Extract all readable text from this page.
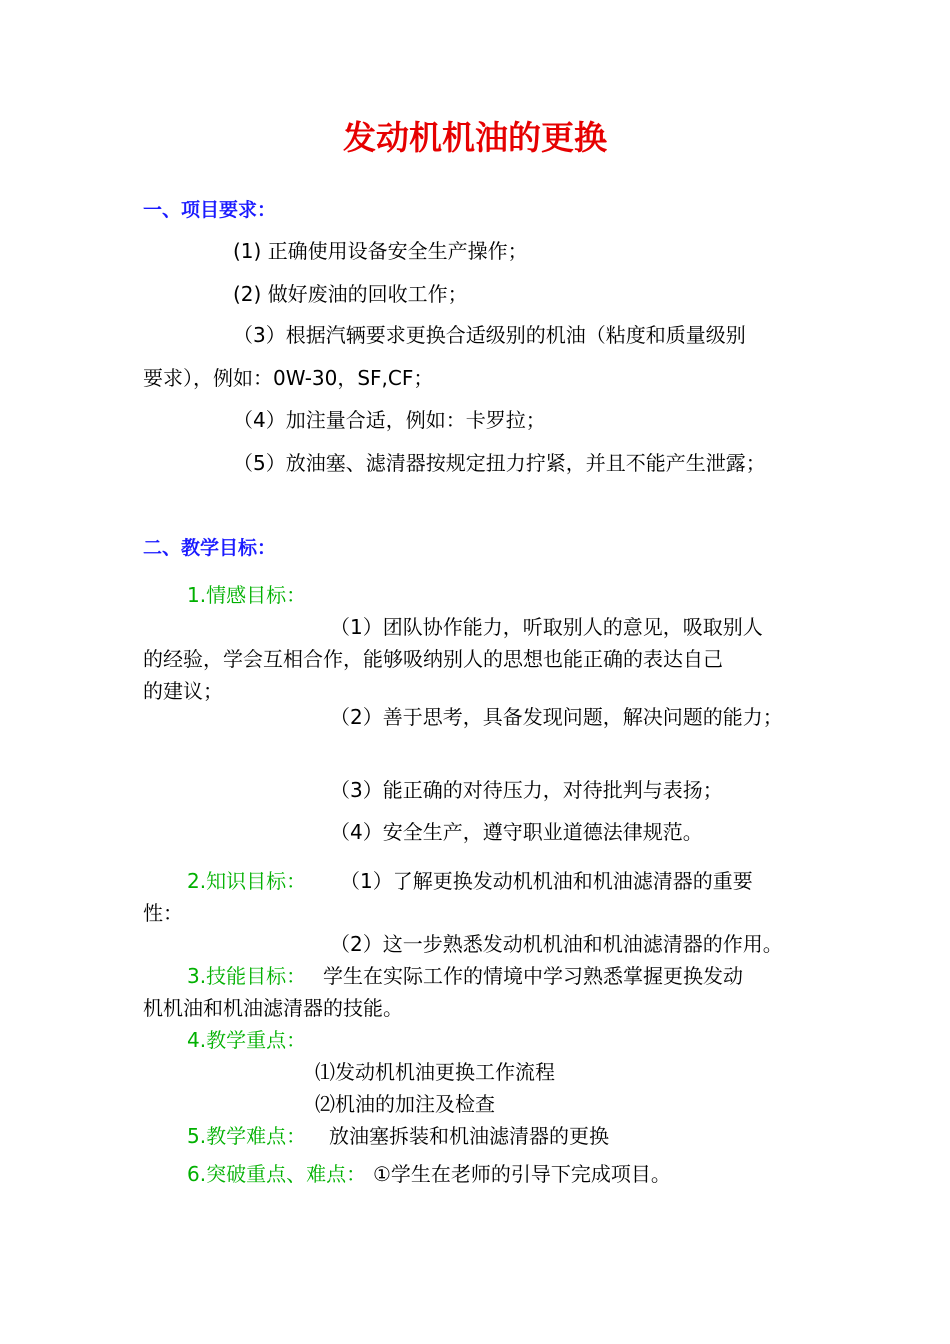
发动机机油的更换
一、项目要求：
(1) 正确使用设备安全生产操作；
(2) 做好废油的回收工作；
（3）根据汽辆要求更换合适级别的机油（粘度和质量级别
要求），例如：0W-30，SF,CF；
（4）加注量合适，例如：卡罗拉；
（5）放油塞、滤清器按规定扭力拧紧，并且不能产生泄露；
二、教学目标：
1.情感目标：
（1）团队协作能力，听取别人的意见，吸取别人
的经验，学会互相合作，能够吸纳别人的思想也能正确的表达自己
的建议；
（2）善于思考，具备发现问题，解决问题的能力；
（3）能正确的对待压力，对待批判与表扬；
（4）安全生产，遵守职业道德法律规范。
2.知识目标： （1）了解更换发动机机油和机油滤清器的重要
性：
（2）这一步熟悉发动机机油和机油滤清器的作用。
3.技能目标： 学生在实际工作的情境中学习熟悉掌握更换发动
机机油和机油滤清器的技能。
4.教学重点：
⑴发动机机油更换工作流程
⑵机油的加注及检查
5.教学难点： 放油塞拆装和机油滤清器的更换
6.突破重点、难点： ①学生在老师的引导下完成项目。
